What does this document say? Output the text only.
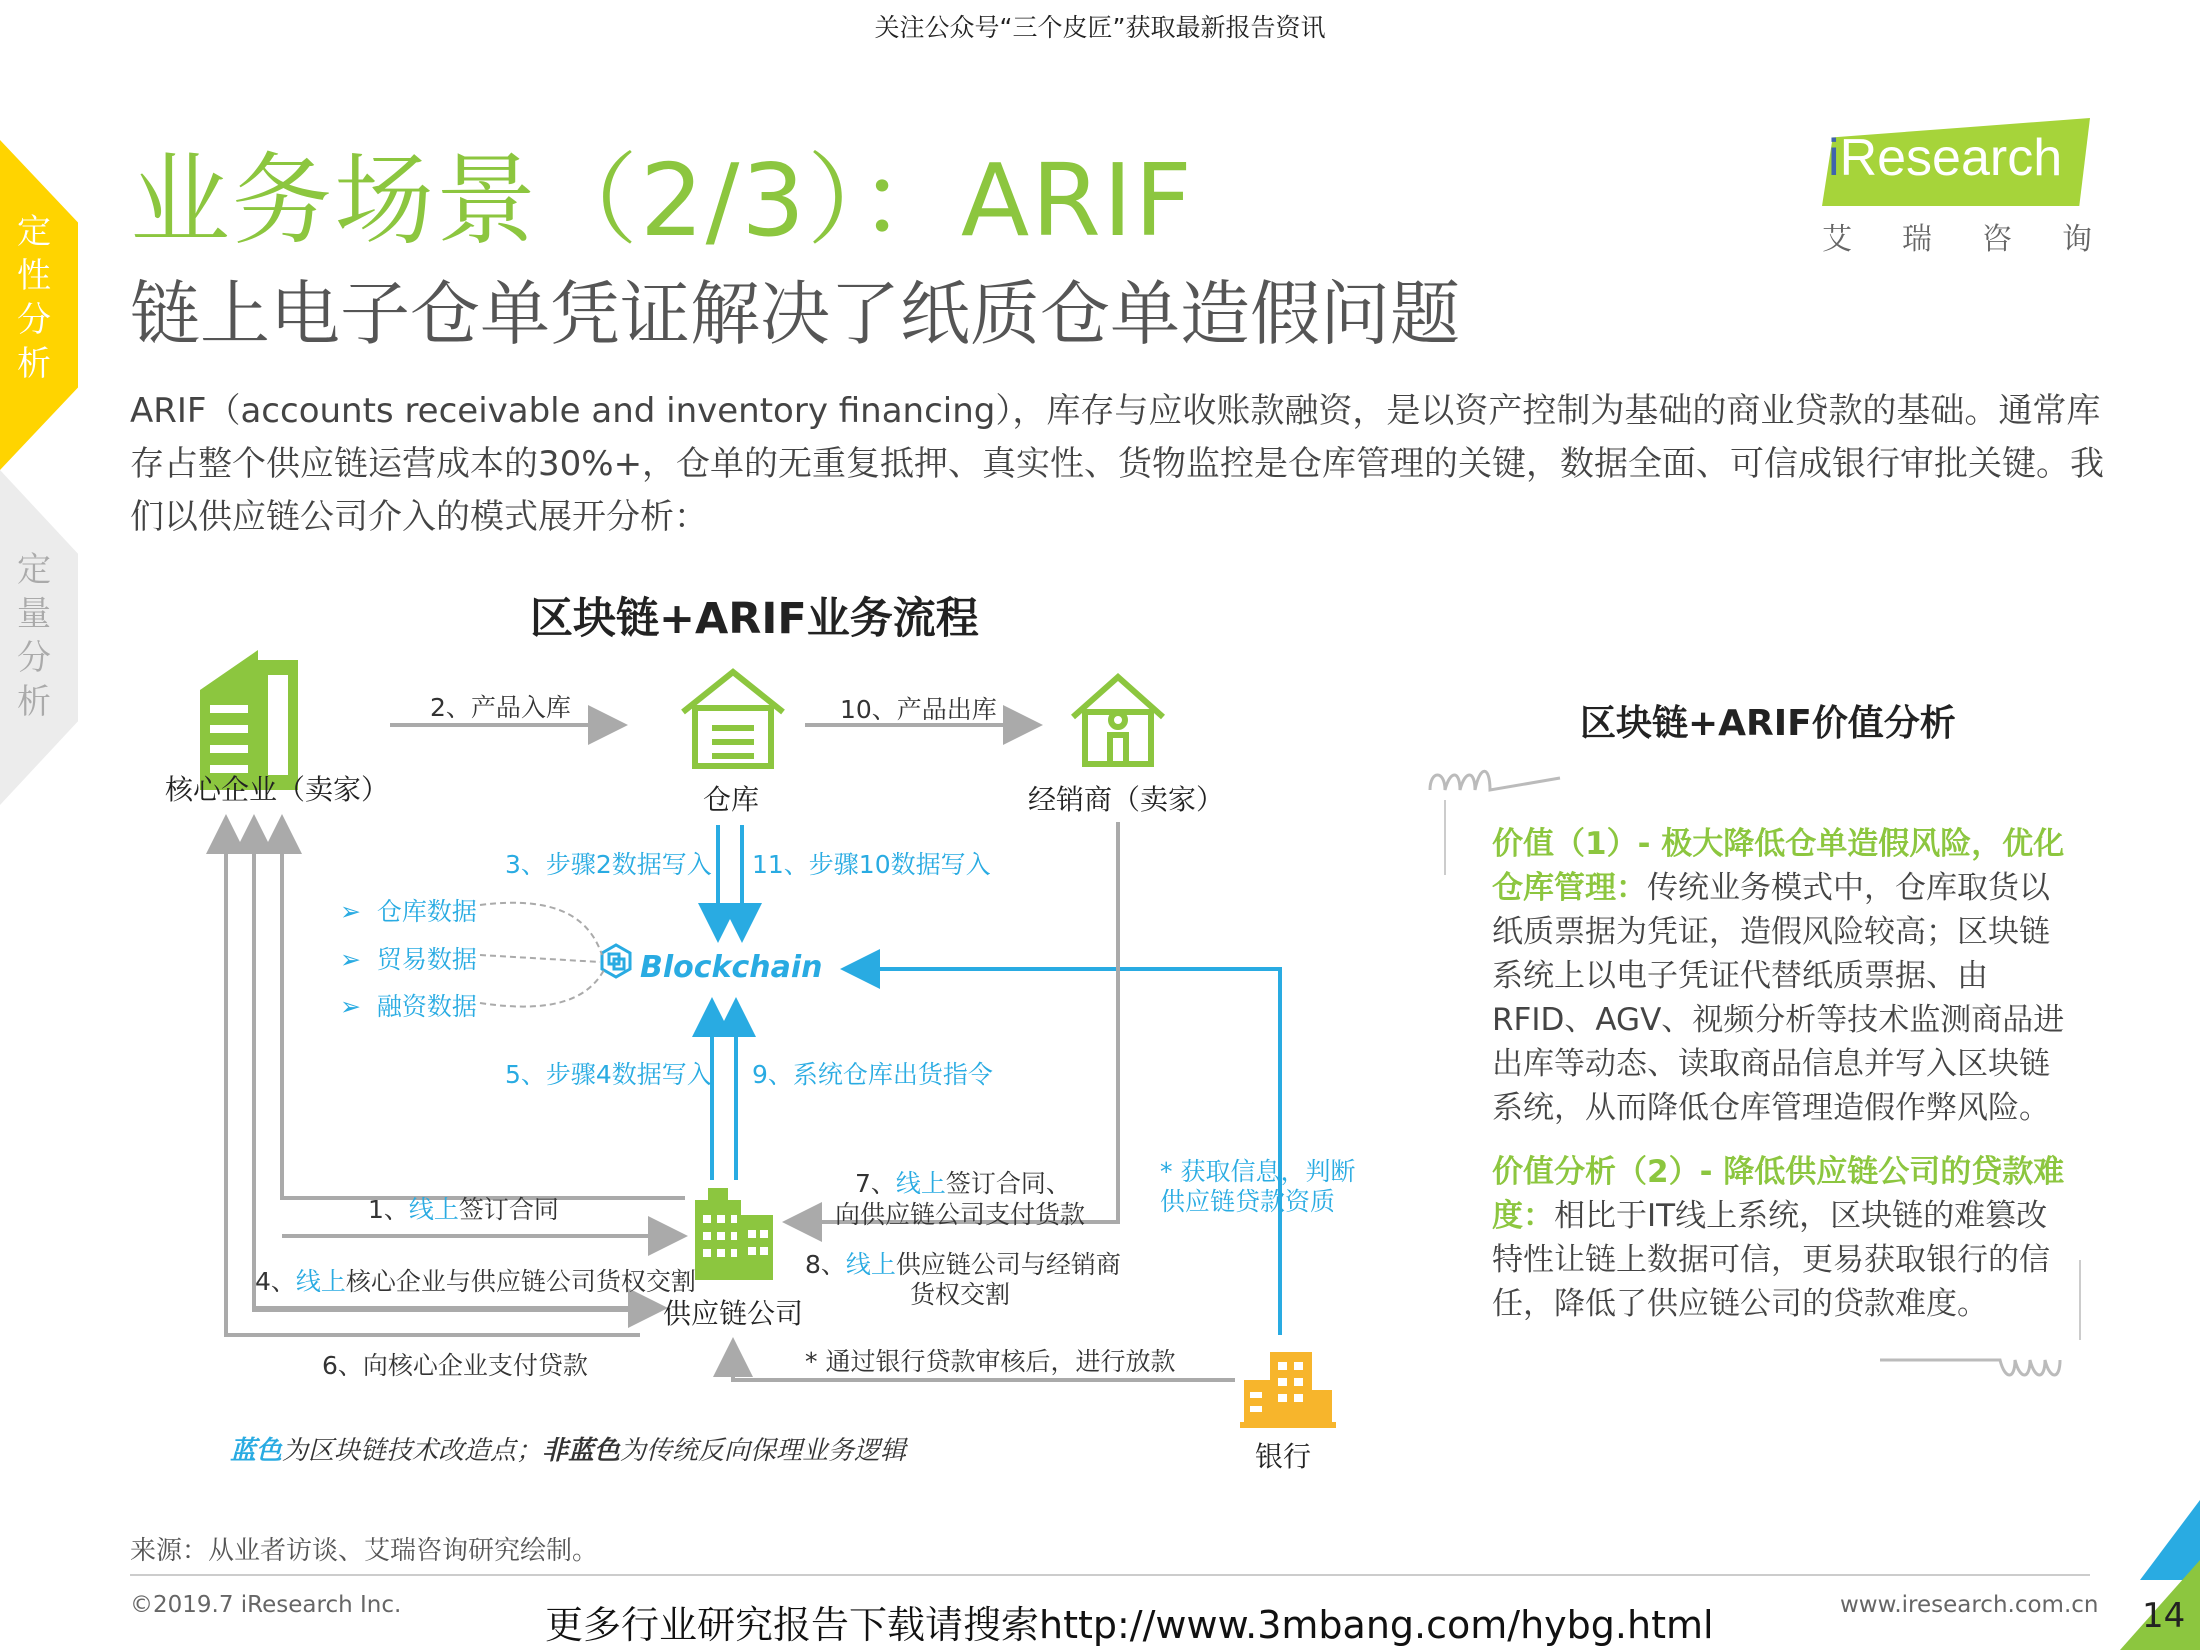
关注公众号“三个皮匠”获取最新报告资讯
定性分析
定量分析
业务场景（2/3）：ARIF
链上电子仓单凭证解决了纸质仓单造假问题
ARIF（accounts receivable and inventory financing），库存与应收账款融资，是以资产控制为基础的商业贷款的基础。通常库存占整个供应链运营成本的30%+，仓单的无重复抵押、真实性、货物监控是仓库管理的关键，数据全面、可信成银行审批关键。我们以供应链公司介入的模式展开分析：
iResearch
艾 瑞 咨 询
区块链+ARIF业务流程
核心企业（卖家）	仓库	经销商（卖家）
Blockchain
供应链公司
银行
➢  仓库数据
➢  贸易数据
➢  融资数据
2、产品入库	10、产品出库
3、步骤2数据写入 11、步骤10数据写入
5、步骤4数据写入 9、系统仓库出货指令
1、线上签订合同
4、线上核心企业与供应链公司货权交割
6、向核心企业支付贷款
7、线上签订合同、
向供应链公司支付货款
8、线上供应链公司与经销商
货权交割
* 获取信息，判断
供应链贷款资质
* 通过银行贷款审核后，进行放款
蓝色为区块链技术改造点；非蓝色为传统反向保理业务逻辑
区块链+ARIF价值分析
价值（1）- 极大降低仓单造假风险，优化仓库管理：传统业务模式中，仓库取货以纸质票据为凭证，造假风险较高；区块链系统上以电子凭证代替纸质票据、由RFID、AGV、视频分析等技术监测商品进出库等动态、读取商品信息并写入区块链系统，从而降低仓库管理造假作弊风险。
价值分析（2）- 降低供应链公司的贷款难度：相比于IT线上系统，区块链的难篡改特性让链上数据可信，更易获取银行的信任，降低了供应链公司的贷款难度。
来源：从业者访谈、艾瑞咨询研究绘制。
©2019.7 iResearch Inc.	更多行业研究报告下载请搜索http://www.3mbang.com/hybg.html	www.iresearch.com.cn 14
